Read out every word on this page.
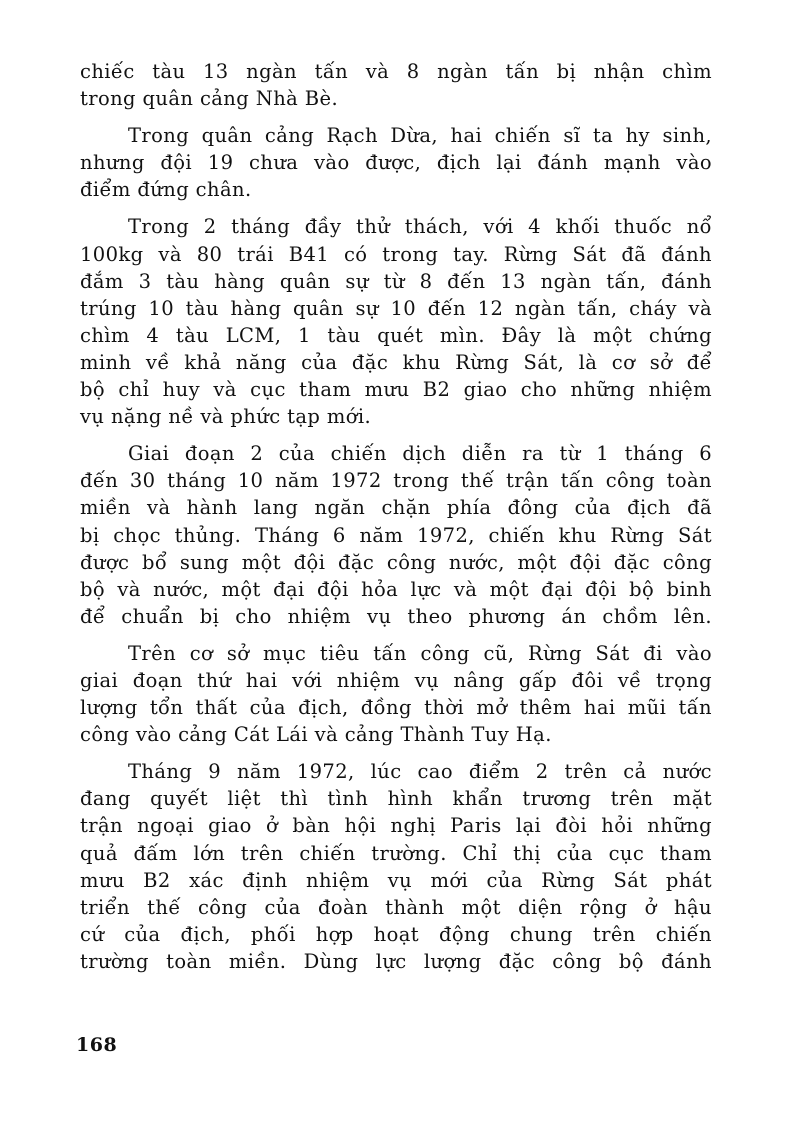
chiếc tàu 13 ngàn tấn và 8 ngàn tấn bị nhận chìm
trong quân cảng Nhà Bè.
Trong quân cảng Rạch Dừa, hai chiến sĩ ta hy sinh,
nhưng đội 19 chưa vào được, địch lại đánh mạnh vào
điểm đứng chân.
Trong 2 tháng đầy thử thách, với 4 khối thuốc nổ
100kg và 80 trái B41 có trong tay. Rừng Sát đã đánh
đắm 3 tàu hàng quân sự từ 8 đến 13 ngàn tấn, đánh
trúng 10 tàu hàng quân sự 10 đến 12 ngàn tấn, cháy và
chìm 4 tàu LCM, 1 tàu quét mìn. Đây là một chứng
minh về khả năng của đặc khu Rừng Sát, là cơ sở để
bộ chỉ huy và cục tham mưu B2 giao cho những nhiệm
vụ nặng nề và phức tạp mới.
Giai đoạn 2 của chiến dịch diễn ra từ 1 tháng 6
đến 30 tháng 10 năm 1972 trong thế trận tấn công toàn
miền và hành lang ngăn chặn phía đông của địch đã
bị chọc thủng. Tháng 6 năm 1972, chiến khu Rừng Sát
được bổ sung một đội đặc công nước, một đội đặc công
bộ và nước, một đại đội hỏa lực và một đại đội bộ binh
để chuẩn bị cho nhiệm vụ theo phương án chồm lên.
Trên cơ sở mục tiêu tấn công cũ, Rừng Sát đi vào
giai đoạn thứ hai với nhiệm vụ nâng gấp đôi về trọng
lượng tổn thất của địch, đồng thời mở thêm hai mũi tấn
công vào cảng Cát Lái và cảng Thành Tuy Hạ.
Tháng 9 năm 1972, lúc cao điểm 2 trên cả nước
đang quyết liệt thì tình hình khẩn trương trên mặt
trận ngoại giao ở bàn hội nghị Paris lại đòi hỏi những
quả đấm lớn trên chiến trường. Chỉ thị của cục tham
mưu B2 xác định nhiệm vụ mới của Rừng Sát phát
triển thế công của đoàn thành một diện rộng ở hậu
cứ của địch, phối hợp hoạt động chung trên chiến
trường toàn miền. Dùng lực lượng đặc công bộ đánh
168
